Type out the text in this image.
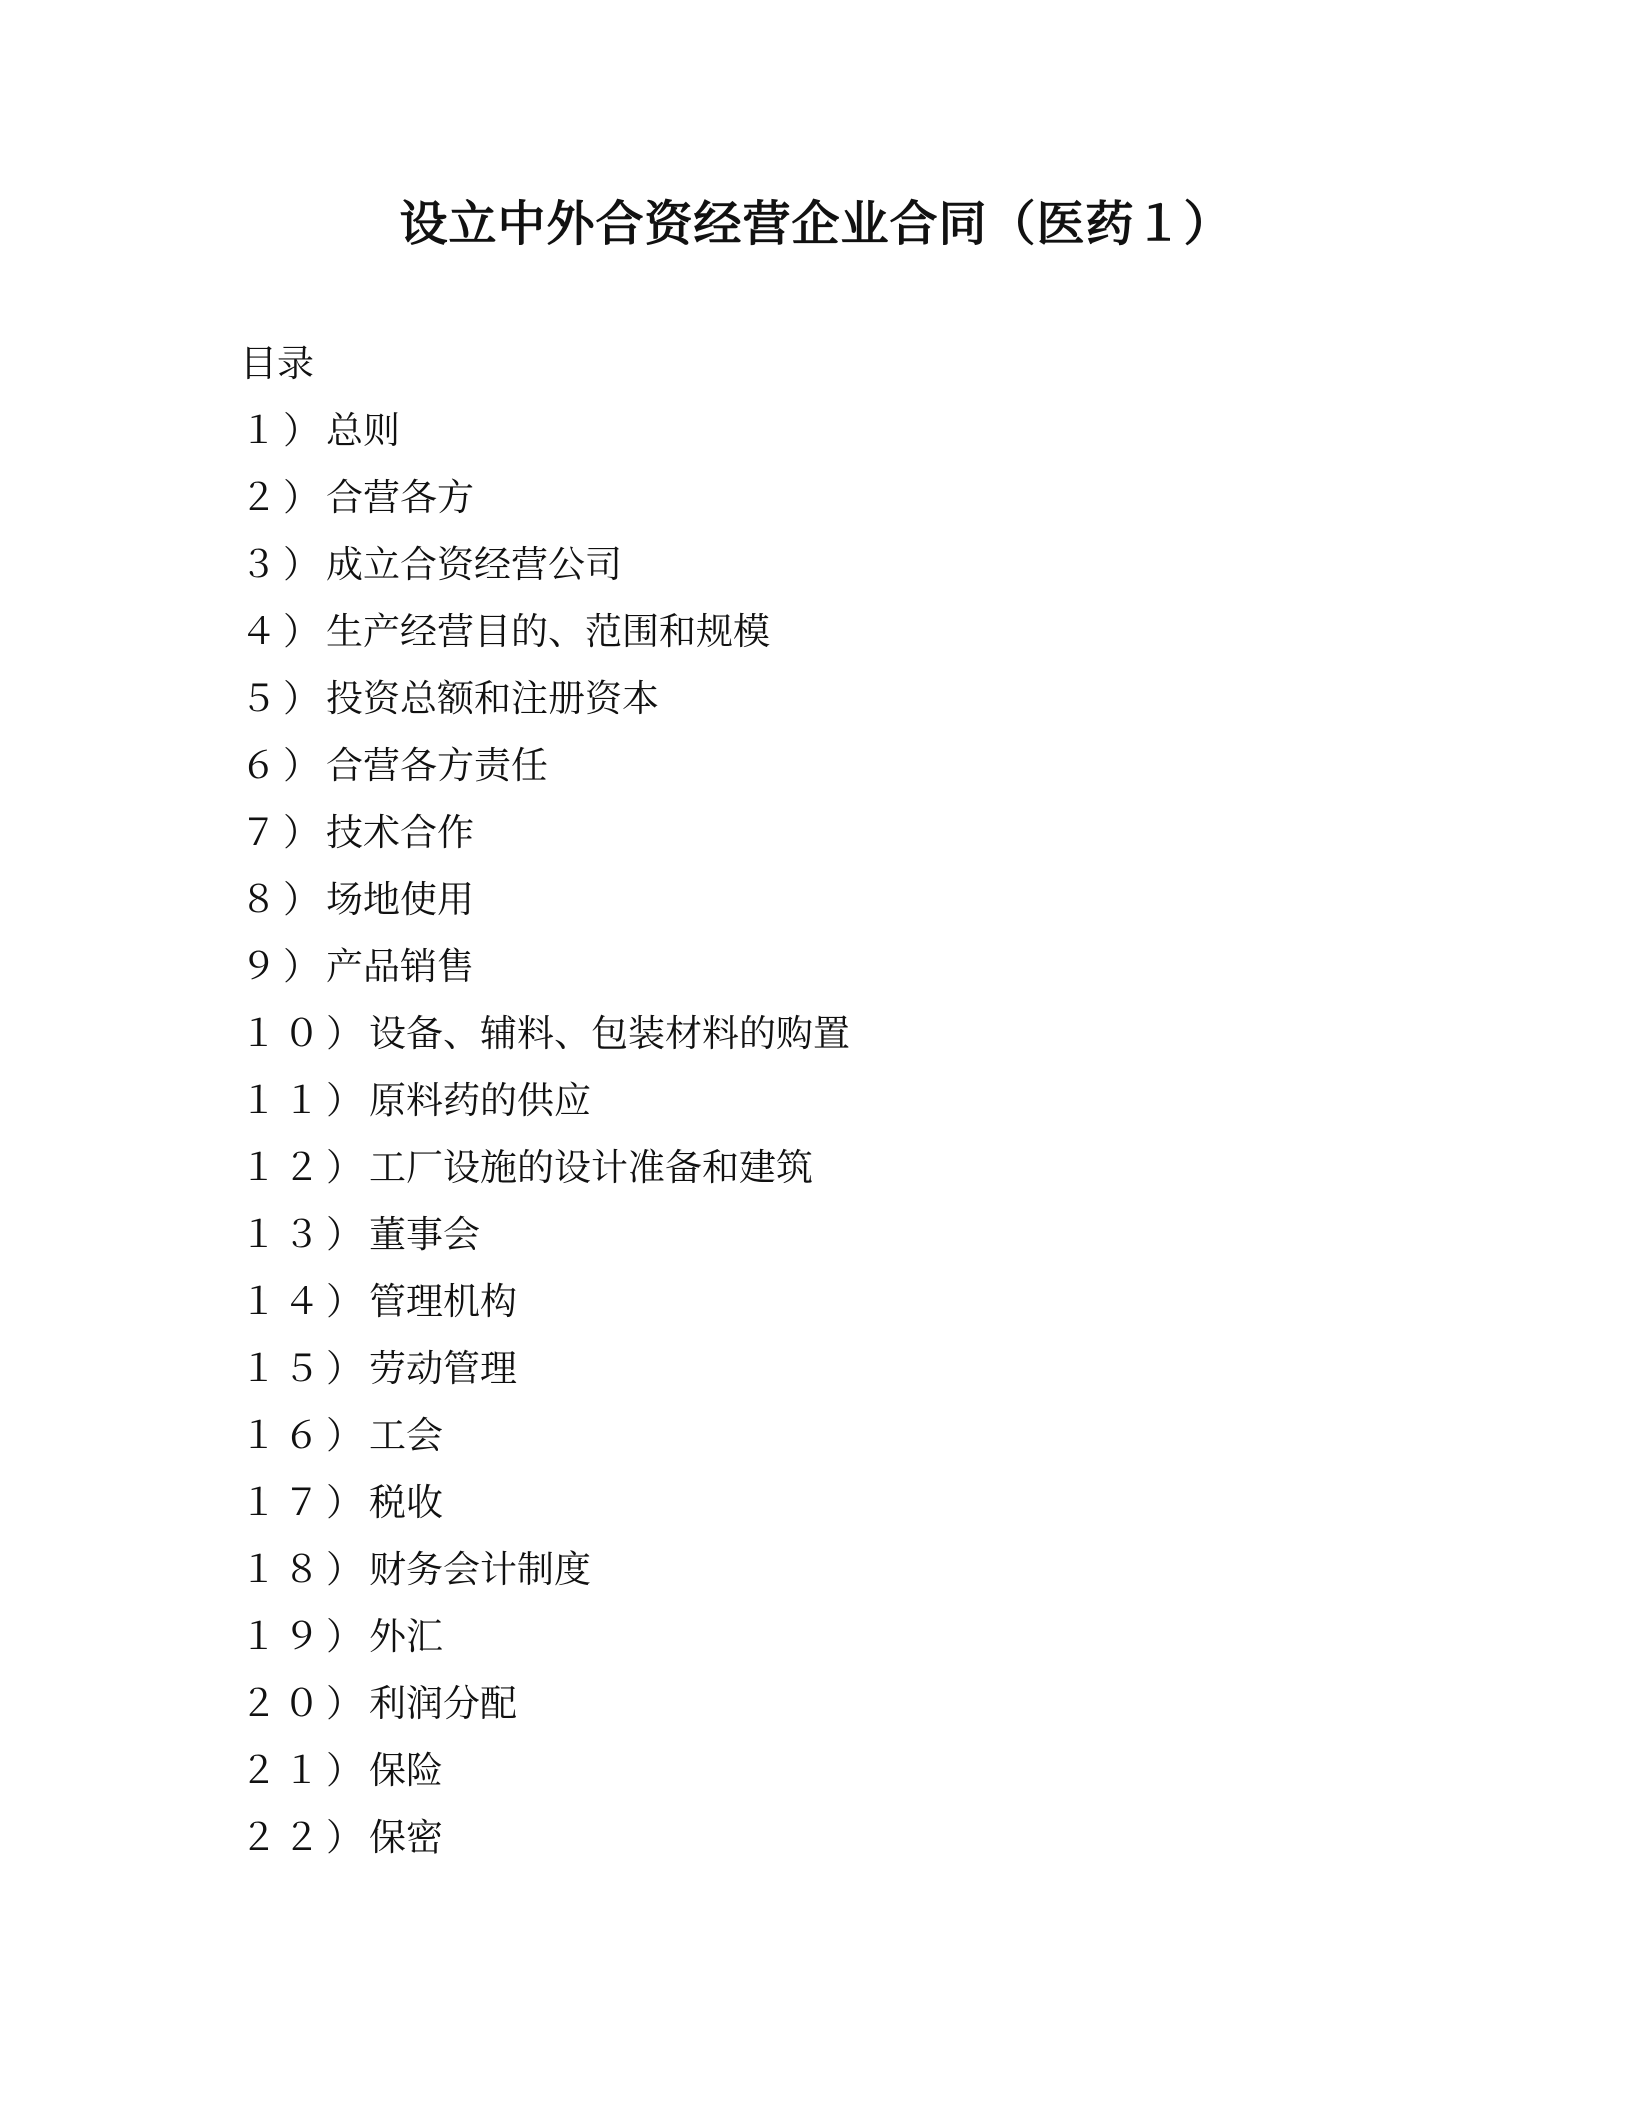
设立中外合资经营企业合同（医药１）
目录
１）总则
２）合营各方
３）成立合资经营公司
４）生产经营目的、范围和规模
５）投资总额和注册资本
６）合营各方责任
７）技术合作
８）场地使用
９）产品销售
１０）设备、辅料、包装材料的购置
１１）原料药的供应
１２）工厂设施的设计准备和建筑
１３）董事会
１４）管理机构
１５）劳动管理
１６）工会
１７）税收
１８）财务会计制度
１９）外汇
２０）利润分配
２１）保险
２２）保密
